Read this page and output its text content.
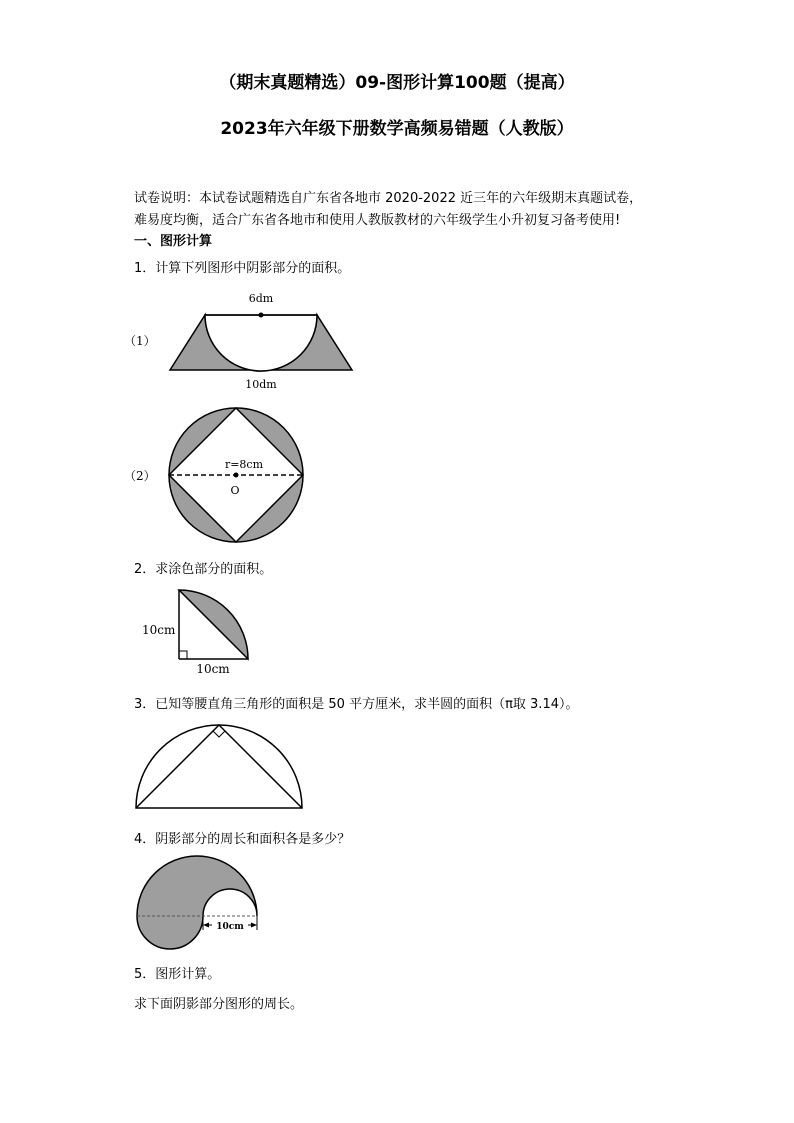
（期末真题精选）09-图形计算100题（提高）
2023年六年级下册数学高频易错题（人教版）
试卷说明：本试卷试题精选自广东省各地市 2020-2022 近三年的六年级期末真题试卷，
难易度均衡，适合广东省各地市和使用人教版教材的六年级学生小升初复习备考使用!
一、图形计算
1．计算下列图形中阴影部分的面积。
6dm
10dm
（1）
r=8cm
O
（2）
2．求涂色部分的面积。
10cm
10cm
3．已知等腰直角三角形的面积是 50 平方厘米，求半圆的面积（π取 3.14）。
4．阴影部分的周长和面积各是多少？
10cm
5．图形计算。
求下面阴影部分图形的周长。
